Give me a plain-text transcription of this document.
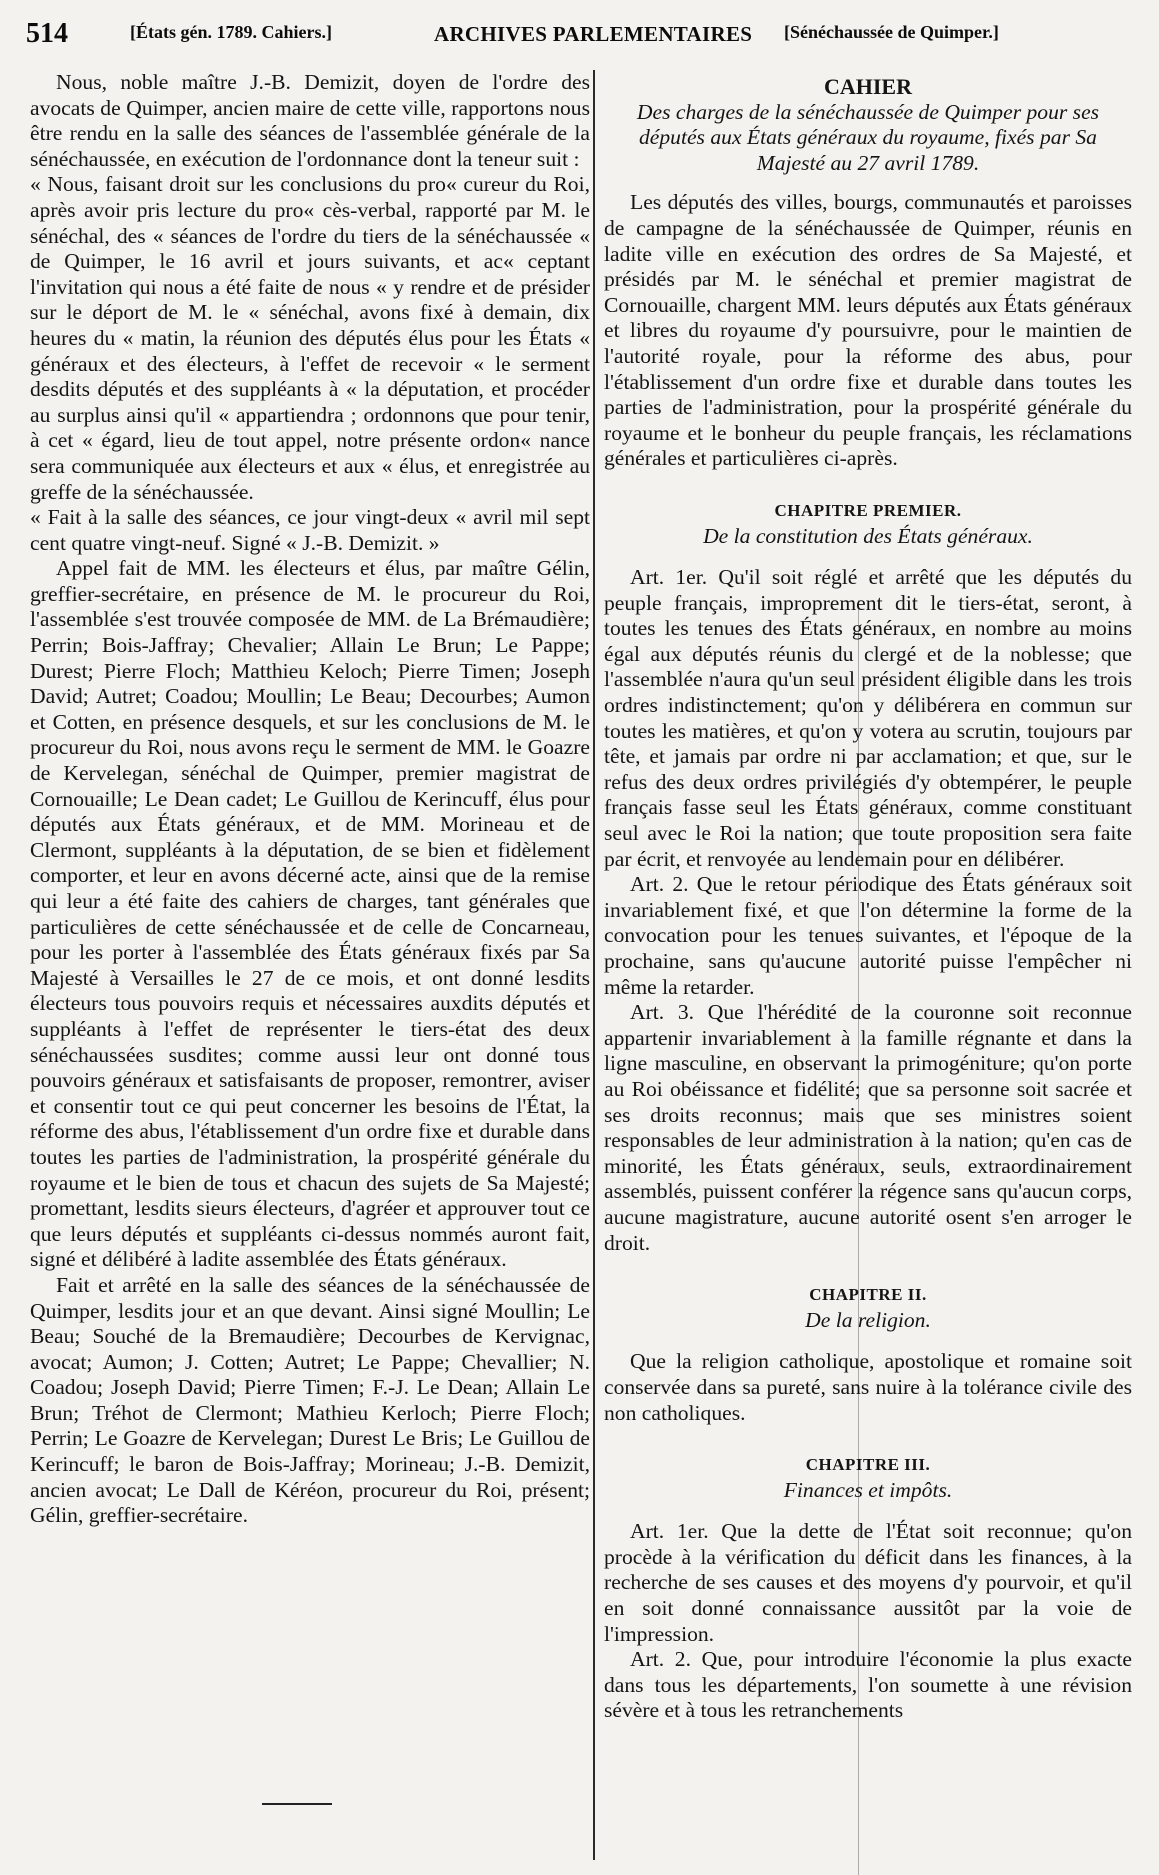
514	[États gén. 1789. Cahiers.]	ARCHIVES PARLEMENTAIRES [Sénéchaussée de Quimper.]

Nous, noble maître J.-B. Demizit, doyen de l'ordre des avocats de Quimper, ancien maire de cette ville, rapportons nous être rendu en la salle des séances de l'assemblée générale de la sénéchaussée, en exécution de l'ordonnance dont la teneur suit :

« Nous, faisant droit sur les conclusions du pro« cureur du Roi, après avoir pris lecture du pro« cès-verbal, rapporté par M. le sénéchal, des « séances de l'ordre du tiers de la sénéchaussée « de Quimper, le 16 avril et jours suivants, et ac« ceptant l'invitation qui nous a été faite de nous « y rendre et de présider sur le déport de M. le « sénéchal, avons fixé à demain, dix heures du « matin, la réunion des députés élus pour les États « généraux et des électeurs, à l'effet de recevoir « le serment desdits députés et des suppléants à « la députation, et procéder au surplus ainsi qu'il « appartiendra ; ordonnons que pour tenir, à cet « égard, lieu de tout appel, notre présente ordon« nance sera communiquée aux électeurs et aux « élus, et enregistrée au greffe de la sénéchaussée.

« Fait à la salle des séances, ce jour vingt-deux « avril mil sept cent quatre vingt-neuf. Signé « J.-B. Demizit. »

Appel fait de MM. les électeurs et élus, par maître Gélin, greffier-secrétaire, en présence de M. le procureur du Roi, l'assemblée s'est trouvée composée de MM. de La Brémaudière; Perrin; Bois-Jaffray; Chevalier; Allain Le Brun; Le Pappe; Durest; Pierre Floch; Matthieu Keloch; Pierre Timen; Joseph David; Autret; Coadou; Moullin; Le Beau; Decourbes; Aumon et Cotten, en présence desquels, et sur les conclusions de M. le procureur du Roi, nous avons reçu le serment de MM. le Goazre de Kervelegan, sénéchal de Quimper, premier magistrat de Cornouaille; Le Dean cadet; Le Guillou de Kerincuff, élus pour députés aux États généraux, et de MM. Morineau et de Clermont, suppléants à la députation, de se bien et fidèlement comporter, et leur en avons décerné acte, ainsi que de la remise qui leur a été faite des cahiers de charges, tant générales que particulières de cette sénéchaussée et de celle de Concarneau, pour les porter à l'assemblée des États généraux fixés par Sa Majesté à Versailles le 27 de ce mois, et ont donné lesdits électeurs tous pouvoirs requis et nécessaires auxdits députés et suppléants à l'effet de représenter le tiers-état des deux sénéchaussées susdites; comme aussi leur ont donné tous pouvoirs généraux et satisfaisants de proposer, remontrer, aviser et consentir tout ce qui peut concerner les besoins de l'État, la réforme des abus, l'établissement d'un ordre fixe et durable dans toutes les parties de l'administration, la prospérité générale du royaume et le bien de tous et chacun des sujets de Sa Majesté; promettant, lesdits sieurs électeurs, d'agréer et approuver tout ce que leurs députés et suppléants ci-dessus nommés auront fait, signé et délibéré à ladite assemblée des États généraux.

Fait et arrêté en la salle des séances de la sénéchaussée de Quimper, lesdits jour et an que devant. Ainsi signé Moullin; Le Beau; Souché de la Bremaudière; Decourbes de Kervignac, avocat; Aumon; J. Cotten; Autret; Le Pappe; Chevallier; N. Coadou; Joseph David; Pierre Timen; F.-J. Le Dean; Allain Le Brun; Tréhot de Clermont; Mathieu Kerloch; Pierre Floch; Perrin; Le Goazre de Kervelegan; Durest Le Bris; Le Guillou de Kerincuff; le baron de Bois-Jaffray; Morineau; J.-B. Demizit, ancien avocat; Le Dall de Kéréon, procureur du Roi, présent; Gélin, greffier-secrétaire.

CAHIER

Des charges de la sénéchaussée de Quimper pour ses députés aux États généraux du royaume, fixés par Sa Majesté au 27 avril 1789.

Les députés des villes, bourgs, communautés et paroisses de campagne de la sénéchaussée de Quimper, réunis en ladite ville en exécution des ordres de Sa Majesté, et présidés par M. le sénéchal et premier magistrat de Cornouaille, chargent MM. leurs députés aux États généraux et libres du royaume d'y poursuivre, pour le maintien de l'autorité royale, pour la réforme des abus, pour l'établissement d'un ordre fixe et durable dans toutes les parties de l'administration, pour la prospérité générale du royaume et le bonheur du peuple français, les réclamations générales et particulières ci-après.

CHAPITRE PREMIER.

De la constitution des États généraux.

Art. 1er. Qu'il soit réglé et arrêté que les députés du peuple français, improprement dit le tiers-état, seront, à toutes les tenues des États généraux, en nombre au moins égal aux députés réunis du clergé et de la noblesse; que l'assemblée n'aura qu'un seul président éligible dans les trois ordres indistinctement; qu'on y délibérera en commun sur toutes les matières, et qu'on y votera au scrutin, toujours par tête, et jamais par ordre ni par acclamation; et que, sur le refus des deux ordres privilégiés d'y obtempérer, le peuple français fasse seul les États généraux, comme constituant seul avec le Roi la nation; que toute proposition sera faite par écrit, et renvoyée au lendemain pour en délibérer.

Art. 2. Que le retour périodique des États généraux soit invariablement fixé, et que l'on détermine la forme de la convocation pour les tenues suivantes, et l'époque de la prochaine, sans qu'aucune autorité puisse l'empêcher ni même la retarder.

Art. 3. Que l'hérédité de la couronne soit reconnue appartenir invariablement à la famille régnante et dans la ligne masculine, en observant la primogéniture; qu'on porte au Roi obéissance et fidélité; que sa personne soit sacrée et ses droits reconnus; mais que ses ministres soient responsables de leur administration à la nation; qu'en cas de minorité, les États généraux, seuls, extraordinairement assemblés, puissent conférer la régence sans qu'aucun corps, aucune magistrature, aucune autorité osent s'en arroger le droit.

CHAPITRE II.

De la religion.

Que la religion catholique, apostolique et romaine soit conservée dans sa pureté, sans nuire à la tolérance civile des non catholiques.

CHAPITRE III.

Finances et impôts.

Art. 1er. Que la dette de l'État soit reconnue; qu'on procède à la vérification du déficit dans les finances, à la recherche de ses causes et des moyens d'y pourvoir, et qu'il en soit donné connaissance aussitôt par la voie de l'impression.

Art. 2. Que, pour introduire l'économie la plus exacte dans tous les départements, l'on soumette à une révision sévère et à tous les retranchements
